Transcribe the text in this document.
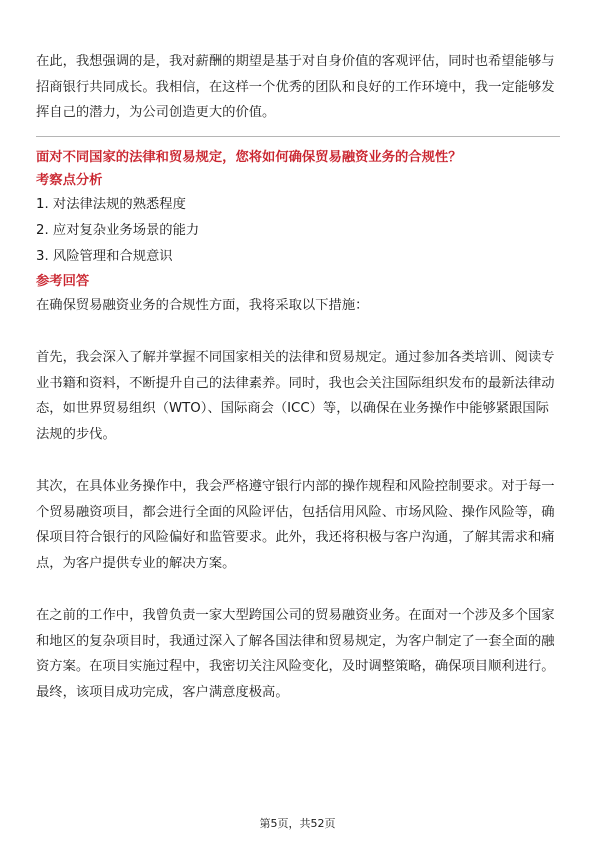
在此，我想强调的是，我对薪酬的期望是基于对自身价值的客观评估，同时也希望能够与招商银行共同成长。我相信，在这样一个优秀的团队和良好的工作环境中，我一定能够发挥自己的潜力，为公司创造更大的价值。

面对不同国家的法律和贸易规定，您将如何确保贸易融资业务的合规性？
考察点分析
1. 对法律法规的熟悉程度
2. 应对复杂业务场景的能力
3. 风险管理和合规意识
参考回答

在确保贸易融资业务的合规性方面，我将采取以下措施：

首先，我会深入了解并掌握不同国家相关的法律和贸易规定。通过参加各类培训、阅读专业书籍和资料，不断提升自己的法律素养。同时，我也会关注国际组织发布的最新法律动态，如世界贸易组织（WTO）、国际商会（ICC）等，以确保在业务操作中能够紧跟国际法规的步伐。

其次，在具体业务操作中，我会严格遵守银行内部的操作规程和风险控制要求。对于每一个贸易融资项目，都会进行全面的风险评估，包括信用风险、市场风险、操作风险等，确保项目符合银行的风险偏好和监管要求。此外，我还将积极与客户沟通，了解其需求和痛点，为客户提供专业的解决方案。

在之前的工作中，我曾负责一家大型跨国公司的贸易融资业务。在面对一个涉及多个国家和地区的复杂项目时，我通过深入了解各国法律和贸易规定，为客户制定了一套全面的融资方案。在项目实施过程中，我密切关注风险变化，及时调整策略，确保项目顺利进行。最终，该项目成功完成，客户满意度极高。

第5页，共52页
